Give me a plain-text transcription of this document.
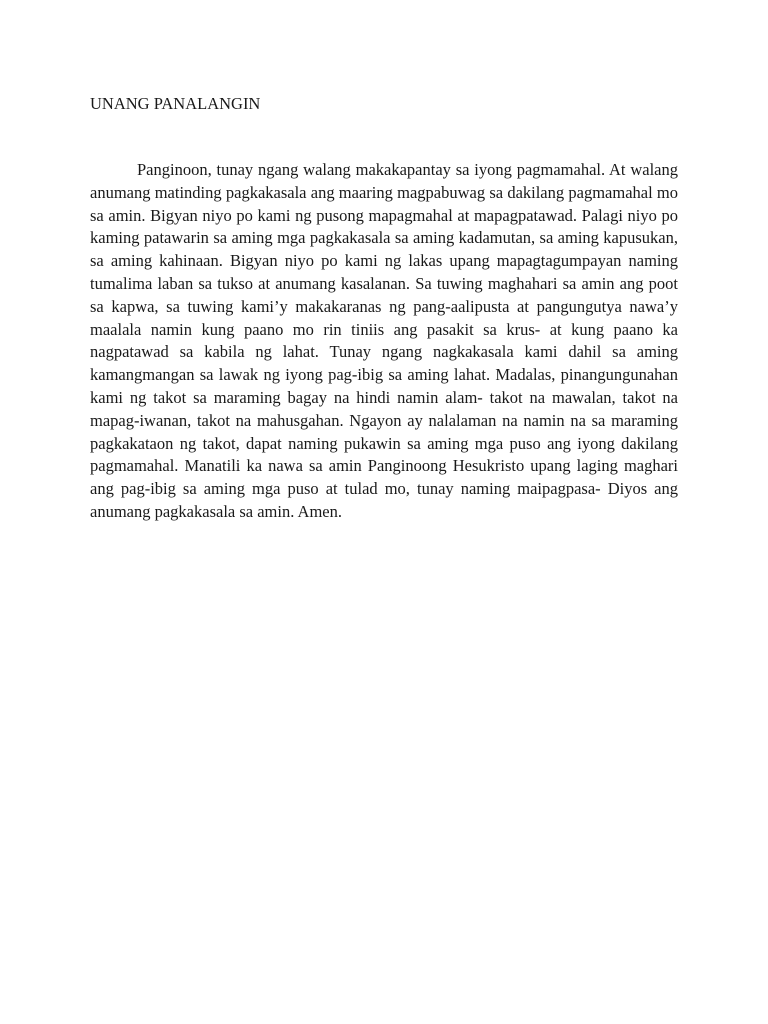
UNANG PANALANGIN

Panginoon, tunay ngang walang makakapantay sa iyong pagmamahal. At walang anumang matinding pagkakasala ang maaring magpabuwag sa dakilang pagmamahal mo sa amin. Bigyan niyo po kami ng pusong mapagmahal at mapagpatawad. Palagi niyo po kaming patawarin sa aming mga pagkakasala sa aming kadamutan, sa aming kapusukan, sa aming kahinaan. Bigyan niyo po kami ng lakas upang mapagtagumpayan naming tumalima laban sa tukso at anumang kasalanan. Sa tuwing maghahari sa amin ang poot sa kapwa, sa tuwing kami’y makakaranas ng pang-aalipusta at pangungutya nawa’y maalala namin kung paano mo rin tiniis ang pasakit sa krus- at kung paano ka nagpatawad sa kabila ng lahat. Tunay ngang nagkakasala kami dahil sa aming kamangmangan sa lawak ng iyong pag-ibig sa aming lahat. Madalas, pinangungunahan kami ng takot sa maraming bagay na hindi namin alam- takot na mawalan, takot na mapag-iwanan, takot na mahusgahan. Ngayon ay nalalaman na namin na sa maraming pagkakataon ng takot, dapat naming pukawin sa aming mga puso ang iyong dakilang pagmamahal. Manatili ka nawa sa amin Panginoong Hesukristo upang laging maghari ang pag-ibig sa aming mga puso at tulad mo, tunay naming maipagpasa- Diyos ang anumang pagkakasala sa amin. Amen.
